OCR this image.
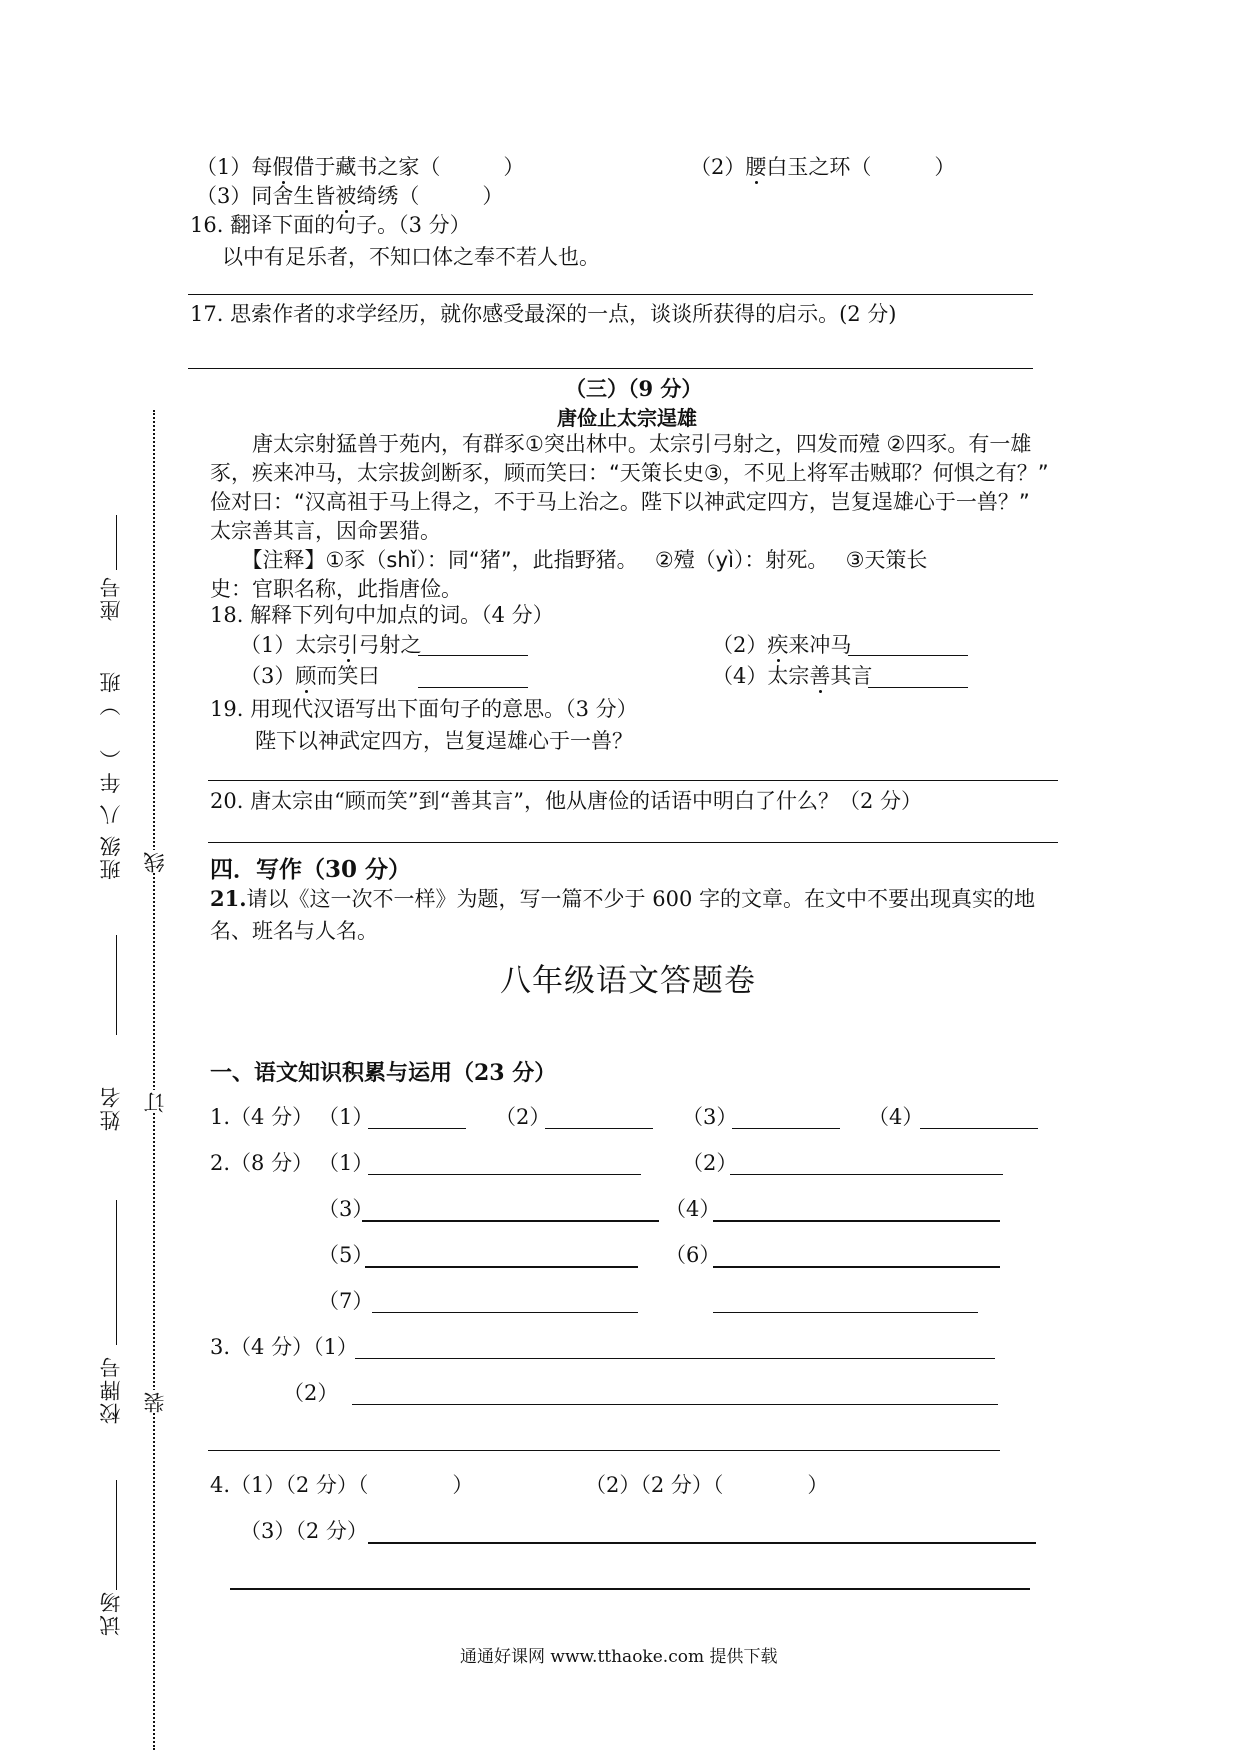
座号
班级 八 年（　 ）班
姓名
校牌号
试场
线
订
装
（1）每假借于藏书之家（　　　）	（2）腰白玉之环（　　　）
（3）同舍生皆被绮绣（　　　）
16. 翻译下面的句子。（3 分）
以中有足乐者，不知口体之奉不若人也。
17. 思索作者的求学经历，就你感受最深的一点，谈谈所获得的启示。(2 分)
（三）（9 分）
唐俭止太宗逞雄
　　唐太宗射猛兽于苑内，有群豕①突出林中。太宗引弓射之，四发而殪 ②四豕。有一雄
豕，疾来冲马，太宗拔剑断豕，顾而笑曰：“天策长史③，不见上将军击贼耶？何惧之有？”
俭对曰：“汉高祖于马上得之，不于马上治之。陛下以神武定四方，岂复逞雄心于一兽？”
太宗善其言，因命罢猎。
　　【注释】①豕（shǐ）：同“猪”，此指野猪。　 ②殪（yì）：射死。　 ③天策长
史：官职名称，此指唐俭。
18. 解释下列句中加点的词。（4 分）
（1）太宗引弓射之	（2）疾来冲马
（3）顾而笑曰	（4）太宗善其言
19. 用现代汉语写出下面句子的意思。（3 分）
陛下以神武定四方，岂复逞雄心于一兽？
20. 唐太宗由“顾而笑”到“善其言”，他从唐俭的话语中明白了什么？（2 分）
四．写作（30 分）
21.请以《这一次不一样》为题，写一篇不少于 600 字的文章。在文中不要出现真实的地
名、班名与人名。
八年级语文答题卷
一、语文知识积累与运用（23 分）
1.（4 分） （1）	（2）	（3）	（4）
2.（8 分） （1）	（2）
（3）	（4）
（5）	（6）
（7）
3.（4 分）（1）
（2）
4.（1）（2 分）（　　　　）	（2）（2 分）（　　　　）
（3）（2 分）
通通好课网 www.tthaoke.com 提供下载
